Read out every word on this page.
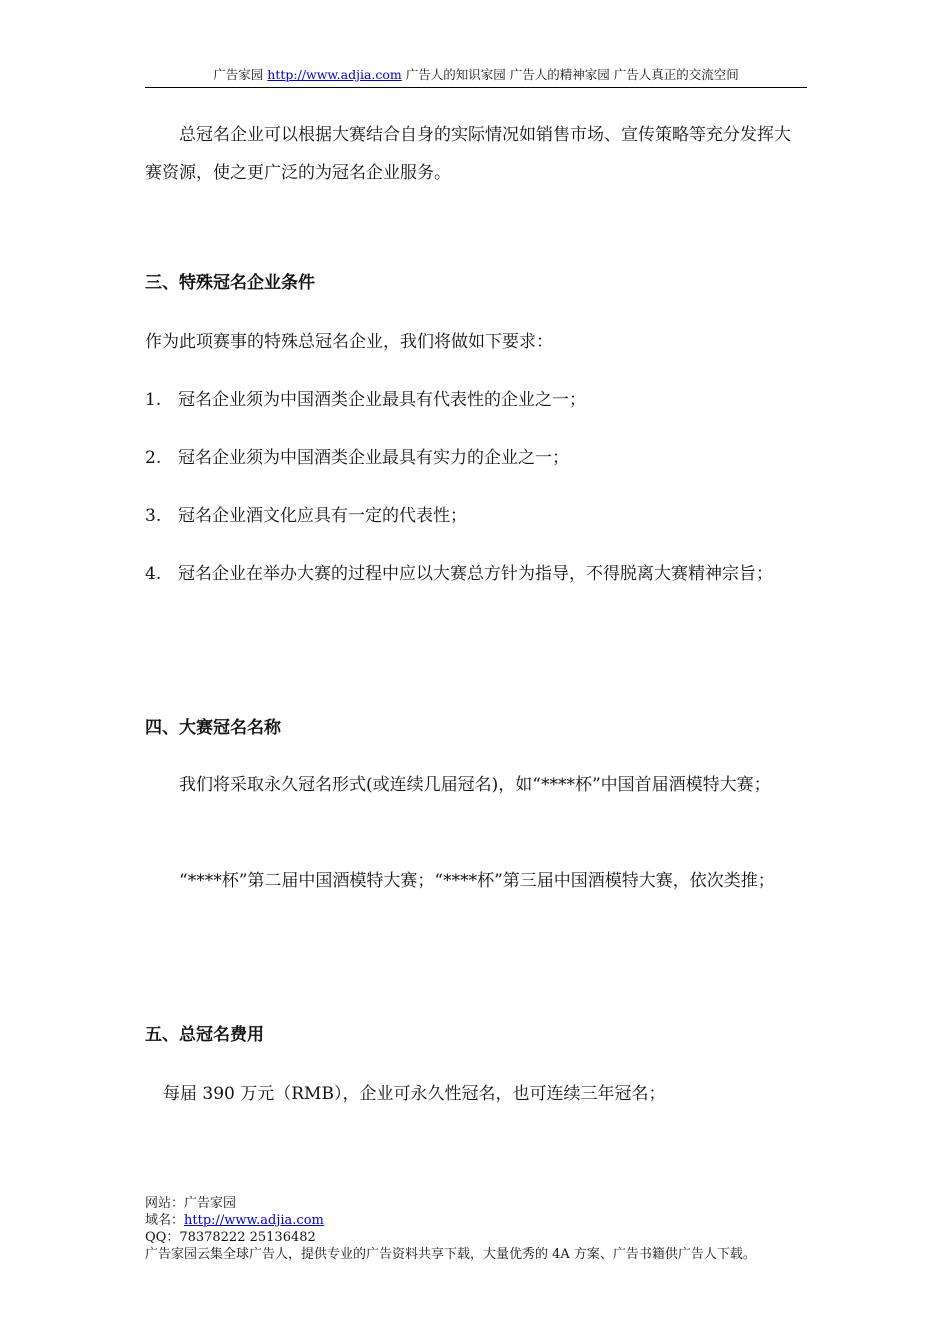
广告家园 http://www.adjia.com 广告人的知识家园 广告人的精神家园 广告人真正的交流空间

总冠名企业可以根据大赛结合自身的实际情况如销售市场、宣传策略等充分发挥大赛资源，使之更广泛的为冠名企业服务。

三、特殊冠名企业条件

作为此项赛事的特殊总冠名企业，我们将做如下要求：

1. 冠名企业须为中国酒类企业最具有代表性的企业之一；
2. 冠名企业须为中国酒类企业最具有实力的企业之一；
3. 冠名企业酒文化应具有一定的代表性；
4. 冠名企业在举办大赛的过程中应以大赛总方针为指导，不得脱离大赛精神宗旨；
四、大赛冠名名称

我们将采取永久冠名形式(或连续几届冠名)，如“****杯”中国首届酒模特大赛；

“****杯”第二届中国酒模特大赛；“****杯”第三届中国酒模特大赛，依次类推；

五、总冠名费用

每届 390 万元（RMB），企业可永久性冠名，也可连续三年冠名；

网站：广告家园
域名：http://www.adjia.com
QQ：78378222 25136482
广告家园云集全球广告人，提供专业的广告资料共享下载，大量优秀的 4A 方案、广告书籍供广告人下载。
